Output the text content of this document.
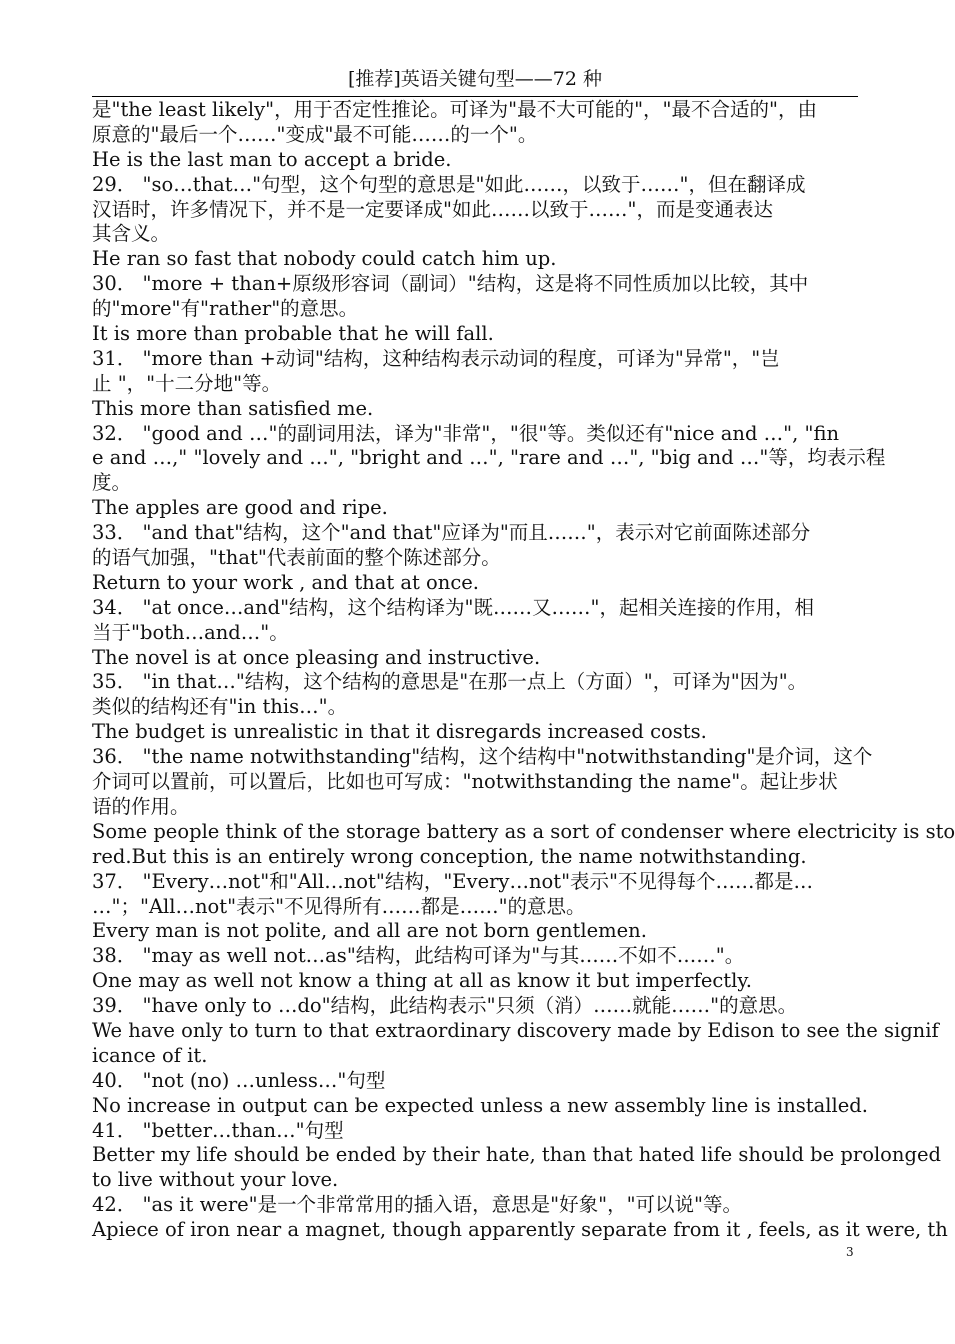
[推荐]英语关键句型——72 种
是"the least likely"，用于否定性推论。可译为"最不大可能的"，"最不合适的"，由
原意的"最后一个……"变成"最不可能……的一个"。
He is the last man to accept a bride.
29． "so…that…"句型，这个句型的意思是"如此……，以致于……"，但在翻译成
汉语时，许多情况下，并不是一定要译成"如此……以致于……"，而是变通表达
其含义。
He ran so fast that nobody could catch him up.
30． "more + than+原级形容词（副词）"结构，这是将不同性质加以比较，其中
的"more"有"rather"的意思。
It is more than probable that he will fall.
31． "more than +动词"结构，这种结构表示动词的程度，可译为"异常"，"岂
止 "，"十二分地"等。
This more than satisfied me.
32． "good and …"的副词用法，译为"非常"，"很"等。类似还有"nice and …", "fin
e and …," "lovely and …", "bright and …", "rare and …", "big and …"等，均表示程
度。
The apples are good and ripe.
33． "and that"结构，这个"and that"应译为"而且……"，表示对它前面陈述部分
的语气加强，"that"代表前面的整个陈述部分。
Return to your work , and that at once.
34． "at once…and"结构，这个结构译为"既……又……"，起相关连接的作用，相
当于"both…and…"。
The novel is at once pleasing and instructive.
35． "in that…"结构，这个结构的意思是"在那一点上（方面）"，可译为"因为"。
类似的结构还有"in this…"。
The budget is unrealistic in that it disregards increased costs.
36． "the name notwithstanding"结构，这个结构中"notwithstanding"是介词，这个
介词可以置前，可以置后，比如也可写成："notwithstanding the name"。起让步状
语的作用。
Some people think of the storage battery as a sort of condenser where electricity is sto
red.But this is an entirely wrong conception, the name notwithstanding.
37． "Every…not"和"All…not"结构，"Every…not"表示"不见得每个……都是…
…"；"All…not"表示"不见得所有……都是……"的意思。
Every man is not polite, and all are not born gentlemen.
38． "may as well not…as"结构，此结构可译为"与其……不如不……"。
One may as well not know a thing at all as know it but imperfectly.
39． "have only to …do"结构，此结构表示"只须（消）……就能……"的意思。
We have only to turn to that extraordinary discovery made by Edison to see the signif
icance of it.
40． "not (no) …unless…"句型
No increase in output can be expected unless a new assembly line is installed.
41． "better…than…"句型
Better my life should be ended by their hate, than that hated life should be prolonged
to live without your love.
42． "as it were"是一个非常常用的插入语，意思是"好象"，"可以说"等。
Apiece of iron near a magnet, though apparently separate from it , feels, as it were, th
3
